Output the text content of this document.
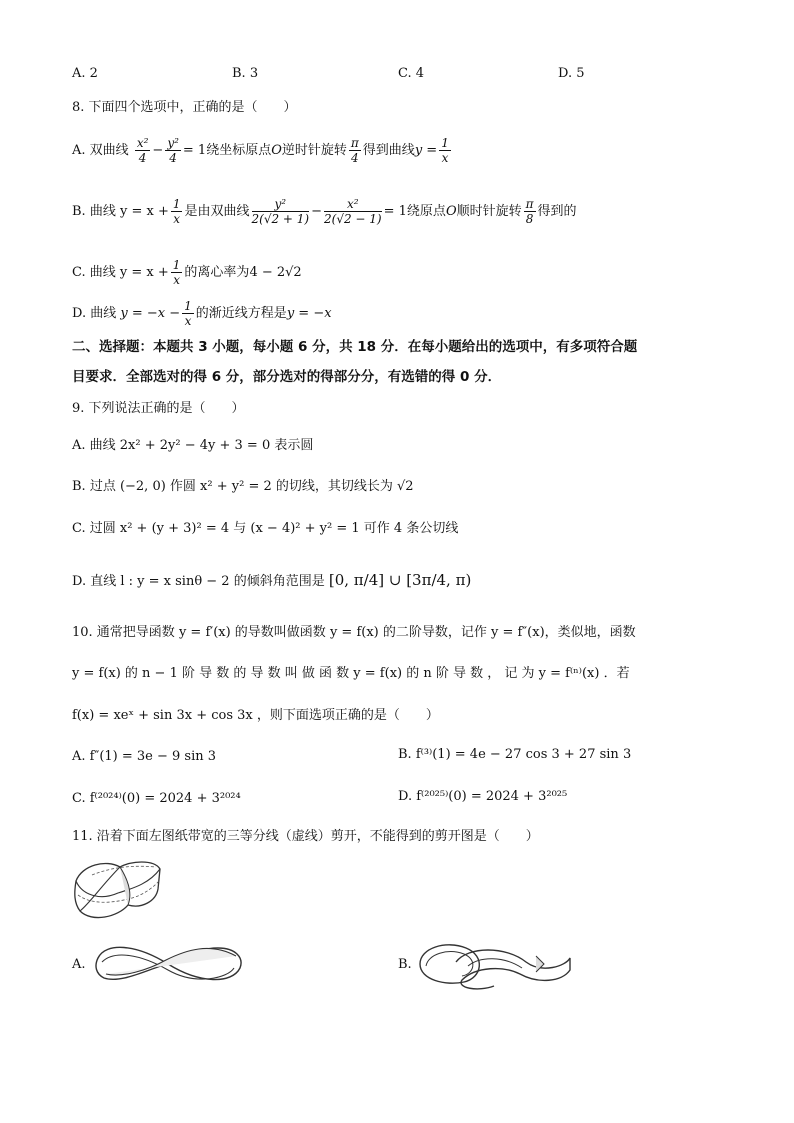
A. 2	B. 3	C. 4	D. 5
8. 下面四个选项中，正确的是（　　）
A. 双曲线 $\frac{\text{x²}}{4} - \frac{\text{y²}}{4} = 1$绕坐标原点O逆时针旋转 $\frac{\pi}{4}$ 得到曲线$y = \frac{1}{x}$
B. 曲线 $y = x + \frac{1}{x}$ 是由双曲线 $\frac{\text{y²}}{2(√2 + 1)} - \frac{\text{x²}}{2(√2 - 1)} = 1$绕原点O顺时针旋转 $\frac{\pi}{8}$ 得到的
C. 曲线 $y = x + \frac{1}{x}$ 的离心率为4 − 2√2
D. 曲线 $y = -x - \frac{1}{x}$ 的渐近线方程是y = −x
二、选择题：本题共 3 小题，每小题 6 分，共 18 分．在每小题给出的选项中，有多项符合题
目要求．全部选对的得 6 分，部分选对的得部分分，有选错的得 0 分．
9. 下列说法正确的是（　　）
A. 曲线 2x² + 2y² − 4y + 3 = 0 表示圆
B. 过点 (−2, 0) 作圆 x² + y² = 2 的切线，其切线长为 √2
C. 过圆 x² + (y + 3)² = 4 与 (x − 4)² + y² = 1 可作 4 条公切线
D. 直线 l : y = x sinθ − 2 的倾斜角范围是 [0, π/4] ∪ [3π/4, π)
10. 通常把导函数 y = f′(x) 的导数叫做函数 y = f(x) 的二阶导数，记作 y = f″(x)，类似地，函数
y = f(x) 的 n − 1 阶 导 数 的 导 数 叫 做 函 数 y = f(x) 的 n 阶 导 数 ， 记 为 y = f⁽ⁿ⁾(x) ．若
f(x) = xeˣ + sin 3x + cos 3x ，则下面选项正确的是（　　）
A. f″(1) = 3e − 9 sin 3	B. f⁽³⁾(1) = 4e − 27 cos 3 + 27 sin 3
C. f⁽²⁰²⁴⁾(0) = 2024 + 3²⁰²⁴	D. f⁽²⁰²⁵⁾(0) = 2024 + 3²⁰²⁵
11. 沿着下面左图纸带宽的三等分线（虚线）剪开，不能得到的剪开图是（　　）
A.	B.
